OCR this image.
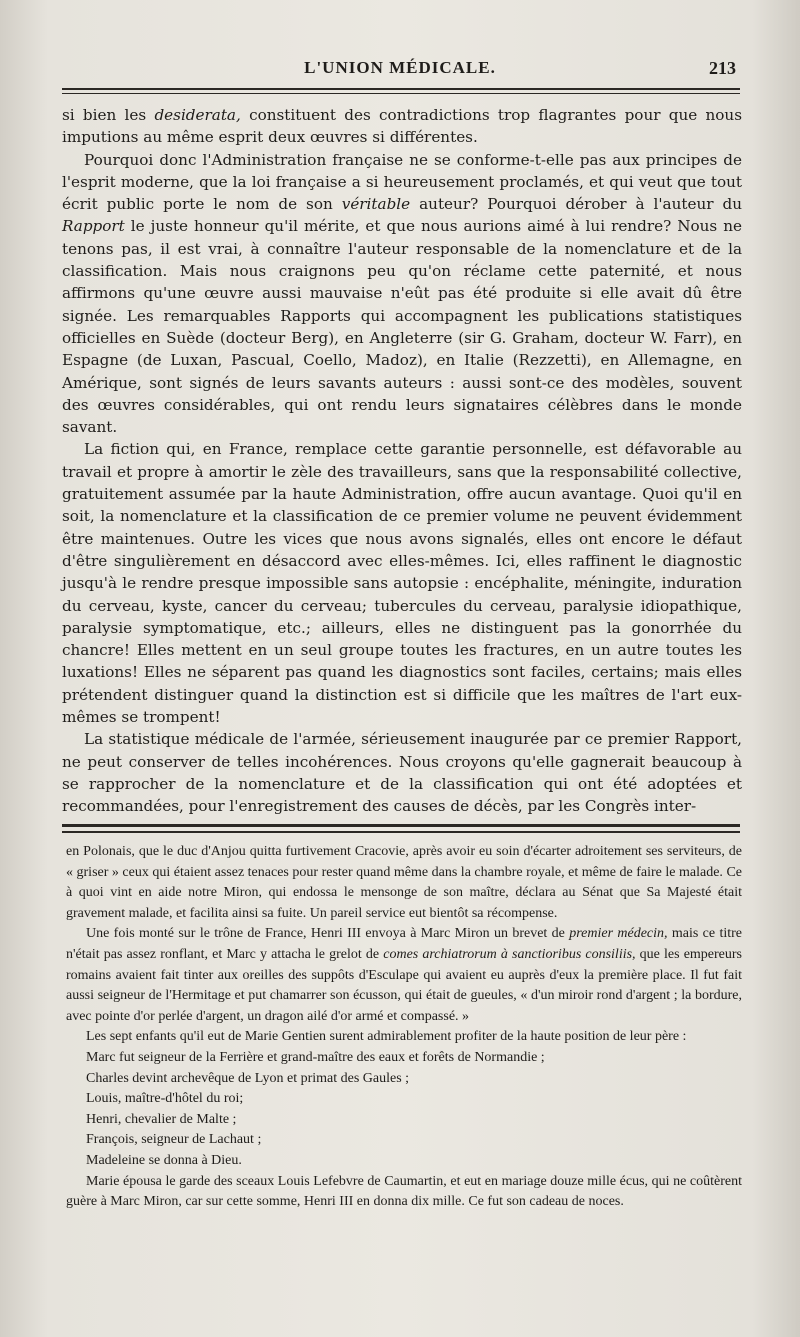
L'UNION MÉDICALE.	213

si bien les desiderata, constituent des contradictions trop flagrantes pour que nous imputions au même esprit deux œuvres si différentes.

Pourquoi donc l'Administration française ne se conforme-t-elle pas aux principes de l'esprit moderne, que la loi française a si heureusement proclamés, et qui veut que tout écrit public porte le nom de son véritable auteur? Pourquoi dérober à l'auteur du Rapport le juste honneur qu'il mérite, et que nous aurions aimé à lui rendre? Nous ne tenons pas, il est vrai, à connaître l'auteur responsable de la nomenclature et de la classification. Mais nous craignons peu qu'on réclame cette paternité, et nous affirmons qu'une œuvre aussi mauvaise n'eût pas été produite si elle avait dû être signée. Les remarquables Rapports qui accompagnent les publications statistiques officielles en Suède (docteur Berg), en Angleterre (sir G. Graham, docteur W. Farr), en Espagne (de Luxan, Pascual, Coello, Madoz), en Italie (Rezzetti), en Allemagne, en Amérique, sont signés de leurs savants auteurs : aussi sont-ce des modèles, souvent des œuvres considérables, qui ont rendu leurs signataires célèbres dans le monde savant.

La fiction qui, en France, remplace cette garantie personnelle, est défavorable au travail et propre à amortir le zèle des travailleurs, sans que la responsabilité collective, gratuitement assumée par la haute Administration, offre aucun avantage. Quoi qu'il en soit, la nomenclature et la classification de ce premier volume ne peuvent évidemment être maintenues. Outre les vices que nous avons signalés, elles ont encore le défaut d'être singulièrement en désaccord avec elles-mêmes. Ici, elles raffinent le diagnostic jusqu'à le rendre presque impossible sans autopsie : encéphalite, méningite, induration du cerveau, kyste, cancer du cerveau; tubercules du cerveau, paralysie idiopathique, paralysie symptomatique, etc.; ailleurs, elles ne distinguent pas la gonorrhée du chancre! Elles mettent en un seul groupe toutes les fractures, en un autre toutes les luxations! Elles ne séparent pas quand les diagnostics sont faciles, certains; mais elles prétendent distinguer quand la distinction est si difficile que les maîtres de l'art eux-mêmes se trompent!

La statistique médicale de l'armée, sérieusement inaugurée par ce premier Rapport, ne peut conserver de telles incohérences. Nous croyons qu'elle gagnerait beaucoup à se rapprocher de la nomenclature et de la classification qui ont été adoptées et recommandées, pour l'enregistrement des causes de décès, par les Congrès inter-

en Polonais, que le duc d'Anjou quitta furtivement Cracovie, après avoir eu soin d'écarter adroitement ses serviteurs, de « griser » ceux qui étaient assez tenaces pour rester quand même dans la chambre royale, et même de faire le malade. Ce à quoi vint en aide notre Miron, qui endossa le mensonge de son maître, déclara au Sénat que Sa Majesté était gravement malade, et facilita ainsi sa fuite. Un pareil service eut bientôt sa récompense.

Une fois monté sur le trône de France, Henri III envoya à Marc Miron un brevet de premier médecin, mais ce titre n'était pas assez ronflant, et Marc y attacha le grelot de comes archiatrorum à sanctioribus consiliis, que les empereurs romains avaient fait tinter aux oreilles des suppôts d'Esculape qui avaient eu auprès d'eux la première place. Il fut fait aussi seigneur de l'Hermitage et put chamarrer son écusson, qui était de gueules, « d'un miroir rond d'argent ; la bordure, avec pointe d'or perlée d'argent, un dragon ailé d'or armé et compassé. »

Les sept enfants qu'il eut de Marie Gentien surent admirablement profiter de la haute position de leur père :

Marc fut seigneur de la Ferrière et grand-maître des eaux et forêts de Normandie ;
Charles devint archevêque de Lyon et primat des Gaules ;
Louis, maître-d'hôtel du roi;
Henri, chevalier de Malte ;
François, seigneur de Lachaut ;
Madeleine se donna à Dieu.

Marie épousa le garde des sceaux Louis Lefebvre de Caumartin, et eut en mariage douze mille écus, qui ne coûtèrent guère à Marc Miron, car sur cette somme, Henri III en donna dix mille. Ce fut son cadeau de noces.
